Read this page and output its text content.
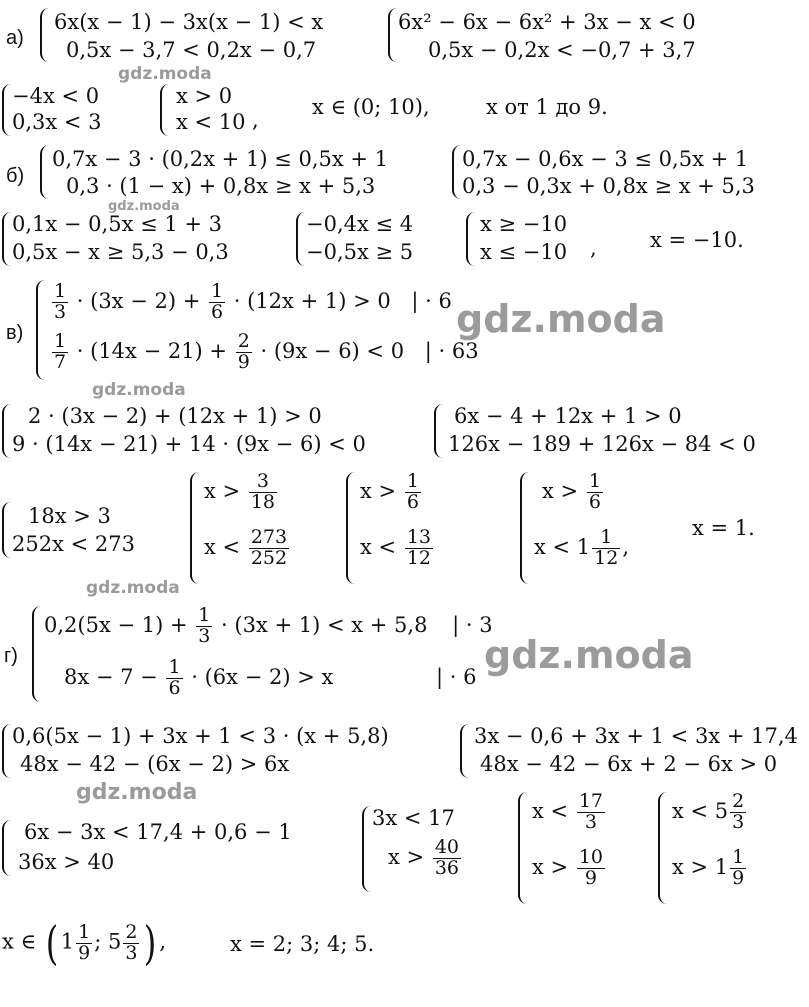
а)
6x(x − 1) − 3x(x − 1) < x
0,5x − 3,7 < 0,2x − 0,7
6x² − 6x − 6x² + 3x − x < 0
0,5x − 0,2x < −0,7 + 3,7
−4x < 0
0,3x < 3
x > 0
x < 10 ,
x ∈ (0; 10),	x от 1 до 9.
gdz.moda
б)
0,7x − 3 · (0,2x + 1) ≤ 0,5x + 1
0,3 · (1 − x) + 0,8x ≥ x + 5,3
0,7x − 0,6x − 3 ≤ 0,5x + 1
0,3 − 0,3x + 0,8x ≥ x + 5,3
0,1x − 0,5x ≤ 1 + 3
0,5x − x ≥ 5,3 − 0,3
−0,4x ≤ 4
−0,5x ≥ 5
x ≥ −10
x ≤ −10 ,	x = −10.
gdz.moda
в)
$\frac{1}{3} \cdot (3x - 2) + \frac{1}{6} \cdot (12x + 1) > 0$ | · 6
$\frac{1}{7} \cdot (14x - 21) + \frac{2}{9} \cdot (9x - 6) < 0$ | · 63
gdz.moda
gdz.moda
2 · (3x − 2) + (12x + 1) > 0
9 · (14x − 21) + 14 · (9x − 6) < 0
6x − 4 + 12x + 1 > 0
126x − 189 + 126x − 84 < 0
18x > 3
252x < 273
$x > \frac{3}{18}$
$x < \frac{273}{252}$
$x > \frac{1}{6}$
$x < \frac{13}{12}$
$x > \frac{1}{6}$
$x < 1 \frac{1}{12}$ ,
x = 1.
gdz.moda
г)
$0,2(5x - 1) + \frac{1}{3} \cdot (3x + 1) < x + 5,8$ | · 3
$8x - 7 - \frac{1}{6} \cdot (6x - 2) > x$	| · 6 gdz.moda
0,6(5x − 1) + 3x + 1 < 3 · (x + 5,8)
48x − 42 − (6x − 2) > 6x
3x − 0,6 + 3x + 1 < 3x + 17,4
48x − 42 − 6x + 2 − 6x > 0
gdz.moda
6x − 3x < 17,4 + 0,6 − 1
36x > 40
3x < 17
$x > \frac{40}{36}$
$x < \frac{17}{3}$
$x > \frac{10}{9}$
$x < 5 \frac{2}{3}$
$x > 1 \frac{1}{9}$
x ∈ ( $1 \frac{1}{9}$ ; $5 \frac{2}{3}$ ) ,	x = 2; 3; 4; 5.
